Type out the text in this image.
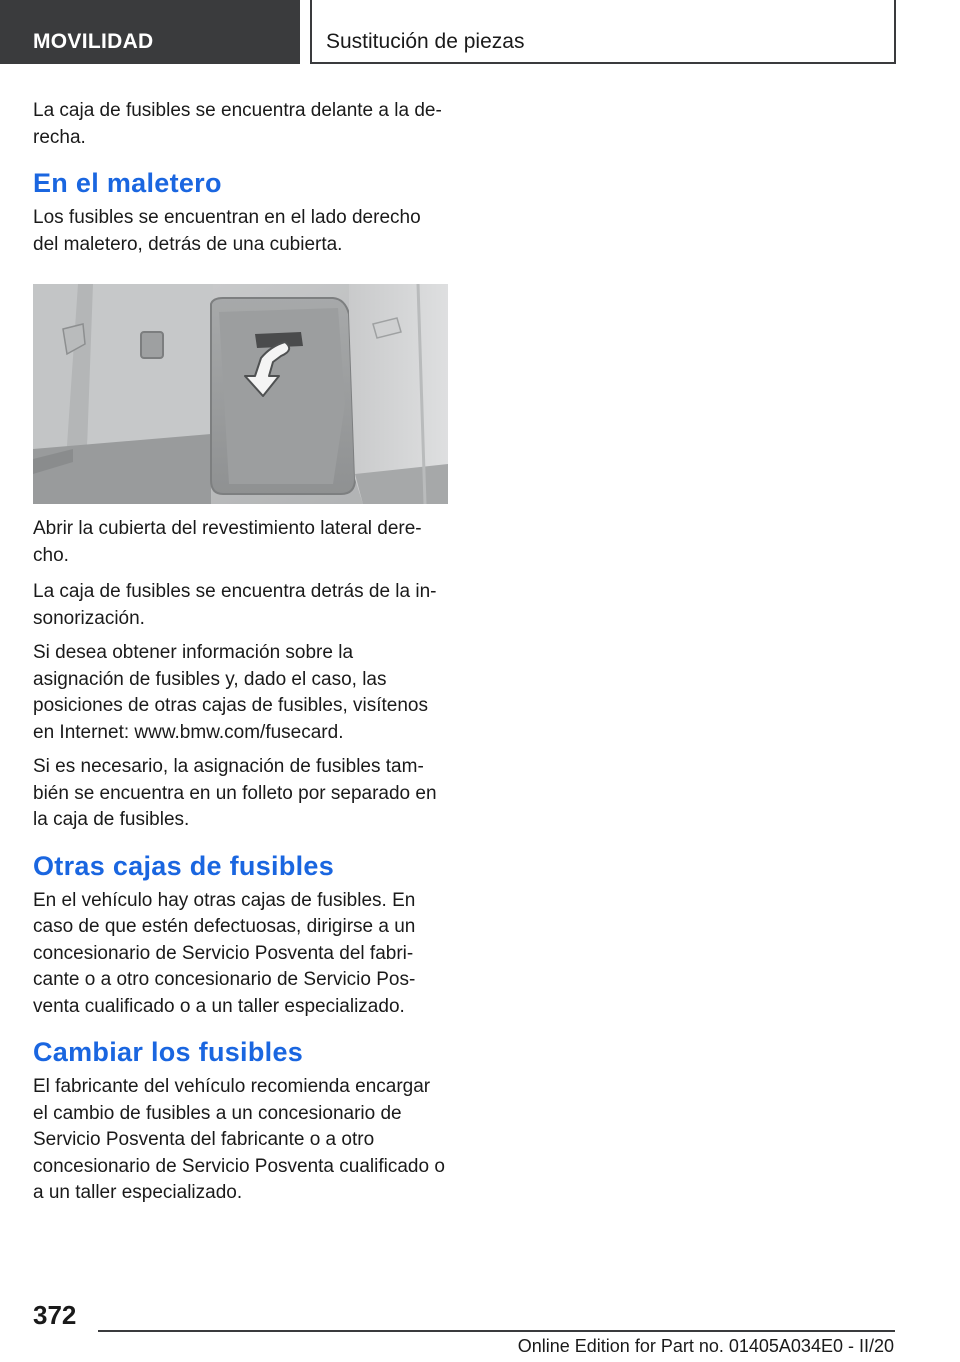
MOVILIDAD	Sustitución de piezas

La caja de fusibles se encuentra delante a la derecha.

En el maletero

Los fusibles se encuentran en el lado derecho del maletero, detrás de una cubierta.

Abrir la cubierta del revestimiento lateral derecho.

La caja de fusibles se encuentra detrás de la insonorización.

Si desea obtener información sobre la asignación de fusibles y, dado el caso, las posiciones de otras cajas de fusibles, visítenos en Internet: www.bmw.com/fusecard.

Si es necesario, la asignación de fusibles también se encuentra en un folleto por separado en la caja de fusibles.

Otras cajas de fusibles

En el vehículo hay otras cajas de fusibles. En caso de que estén defectuosas, dirigirse a un concesionario de Servicio Posventa del fabricante o a otro concesionario de Servicio Posventa cualificado o a un taller especializado.

Cambiar los fusibles

El fabricante del vehículo recomienda encargar el cambio de fusibles a un concesionario de Servicio Posventa del fabricante o a otro concesionario de Servicio Posventa cualificado o a un taller especializado.

372
Online Edition for Part no. 01405A034E0 - II/20
